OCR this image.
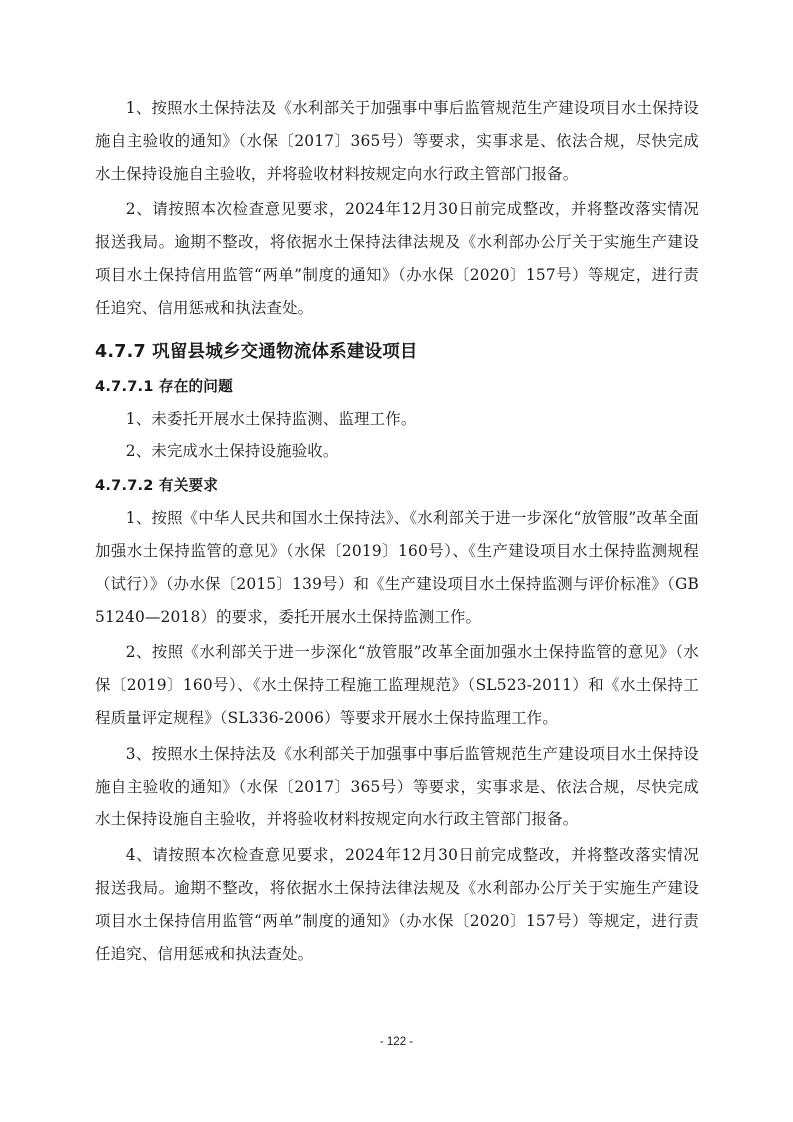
1、按照水土保持法及《水利部关于加强事中事后监管规范生产建设项目水土保持设施自主验收的通知》（水保〔2017〕365号）等要求，实事求是、依法合规，尽快完成水土保持设施自主验收，并将验收材料按规定向水行政主管部门报备。

2、请按照本次检查意见要求，2024年12月30日前完成整改，并将整改落实情况报送我局。逾期不整改，将依据水土保持法律法规及《水利部办公厅关于实施生产建设项目水土保持信用监管“两单”制度的通知》（办水保〔2020〕157号）等规定，进行责任追究、信用惩戒和执法查处。

4.7.7 巩留县城乡交通物流体系建设项目
4.7.7.1 存在的问题

1、未委托开展水土保持监测、监理工作。

2、未完成水土保持设施验收。

4.7.7.2 有关要求

1、按照《中华人民共和国水土保持法》、《水利部关于进一步深化“放管服”改革全面加强水土保持监管的意见》（水保〔2019〕160号）、《生产建设项目水土保持监测规程（试行）》（办水保〔2015〕139号）和《生产建设项目水土保持监测与评价标准》（GB51240—2018）的要求，委托开展水土保持监测工作。

2、按照《水利部关于进一步深化“放管服”改革全面加强水土保持监管的意见》（水保〔2019〕160号）、《水土保持工程施工监理规范》（SL523-2011）和《水土保持工程质量评定规程》（SL336-2006）等要求开展水土保持监理工作。

3、按照水土保持法及《水利部关于加强事中事后监管规范生产建设项目水土保持设施自主验收的通知》（水保〔2017〕365号）等要求，实事求是、依法合规，尽快完成水土保持设施自主验收，并将验收材料按规定向水行政主管部门报备。

4、请按照本次检查意见要求，2024年12月30日前完成整改，并将整改落实情况报送我局。逾期不整改，将依据水土保持法律法规及《水利部办公厅关于实施生产建设项目水土保持信用监管“两单”制度的通知》（办水保〔2020〕157号）等规定，进行责任追究、信用惩戒和执法查处。

- 122 -
